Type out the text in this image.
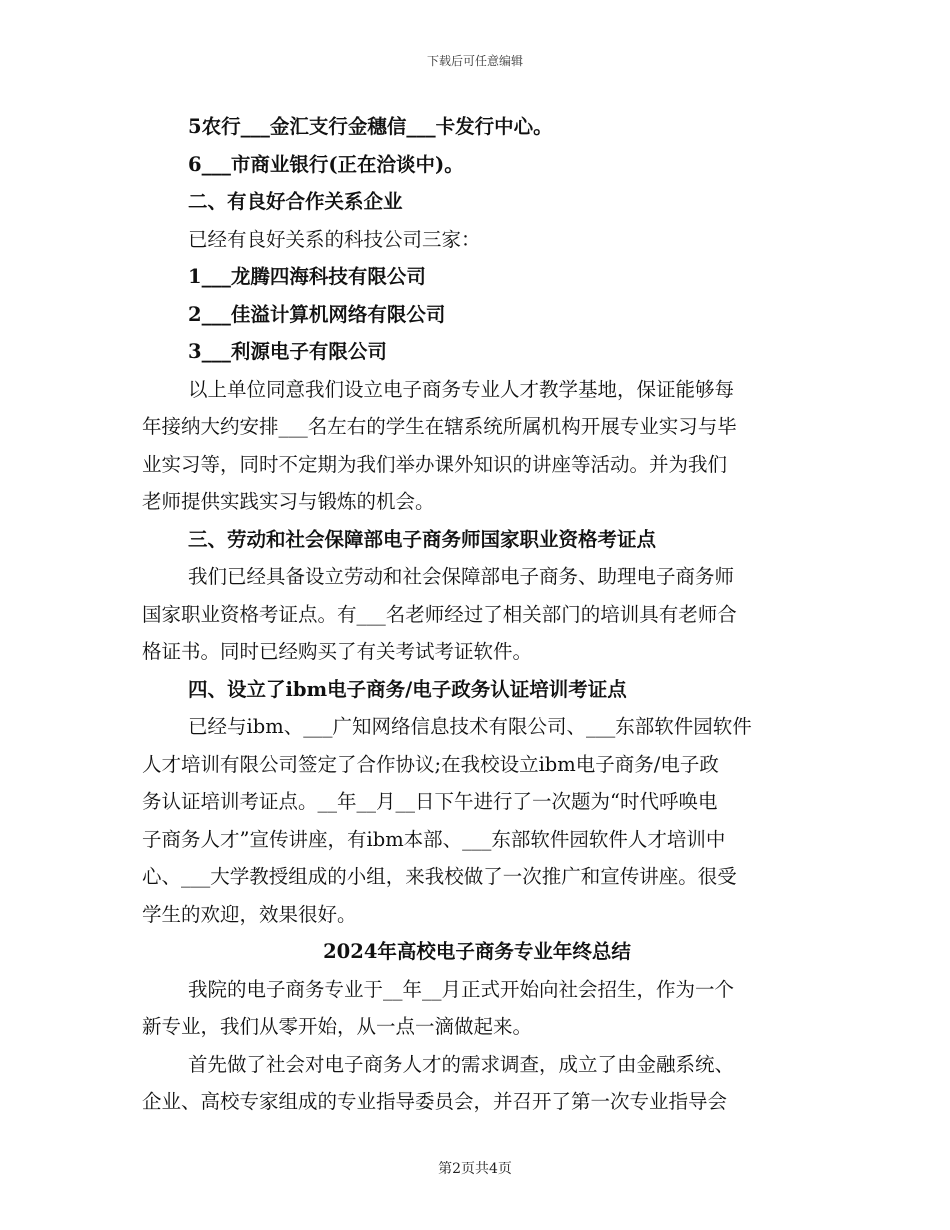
下载后可任意编辑

5农行___金汇支行金穗信___卡发行中心。

6___市商业银行(正在洽谈中)。

二、有良好合作关系企业

已经有良好关系的科技公司三家：

1___龙腾四海科技有限公司

2___佳溢计算机网络有限公司

3___利源电子有限公司

以上单位同意我们设立电子商务专业人才教学基地，保证能够每

年接纳大约安排___名左右的学生在辖系统所属机构开展专业实习与毕

业实习等，同时不定期为我们举办课外知识的讲座等活动。并为我们

老师提供实践实习与锻炼的机会。

三、劳动和社会保障部电子商务师国家职业资格考证点

我们已经具备设立劳动和社会保障部电子商务、助理电子商务师

国家职业资格考证点。有___名老师经过了相关部门的培训具有老师合

格证书。同时已经购买了有关考试考证软件。

四、设立了ibm电子商务/电子政务认证培训考证点

已经与ibm、___广知网络信息技术有限公司、___东部软件园软件

人才培训有限公司签定了合作协议;在我校设立ibm电子商务/电子政

务认证培训考证点。__年__月__日下午进行了一次题为“时代呼唤电

子商务人才”宣传讲座，有ibm本部、___东部软件园软件人才培训中

心、___大学教授组成的小组，来我校做了一次推广和宣传讲座。很受

学生的欢迎，效果很好。

2024年高校电子商务专业年终总结

我院的电子商务专业于__年__月正式开始向社会招生，作为一个

新专业，我们从零开始，从一点一滴做起来。

首先做了社会对电子商务人才的需求调查，成立了由金融系统、

企业、高校专家组成的专业指导委员会，并召开了第一次专业指导会

第2页共4页
